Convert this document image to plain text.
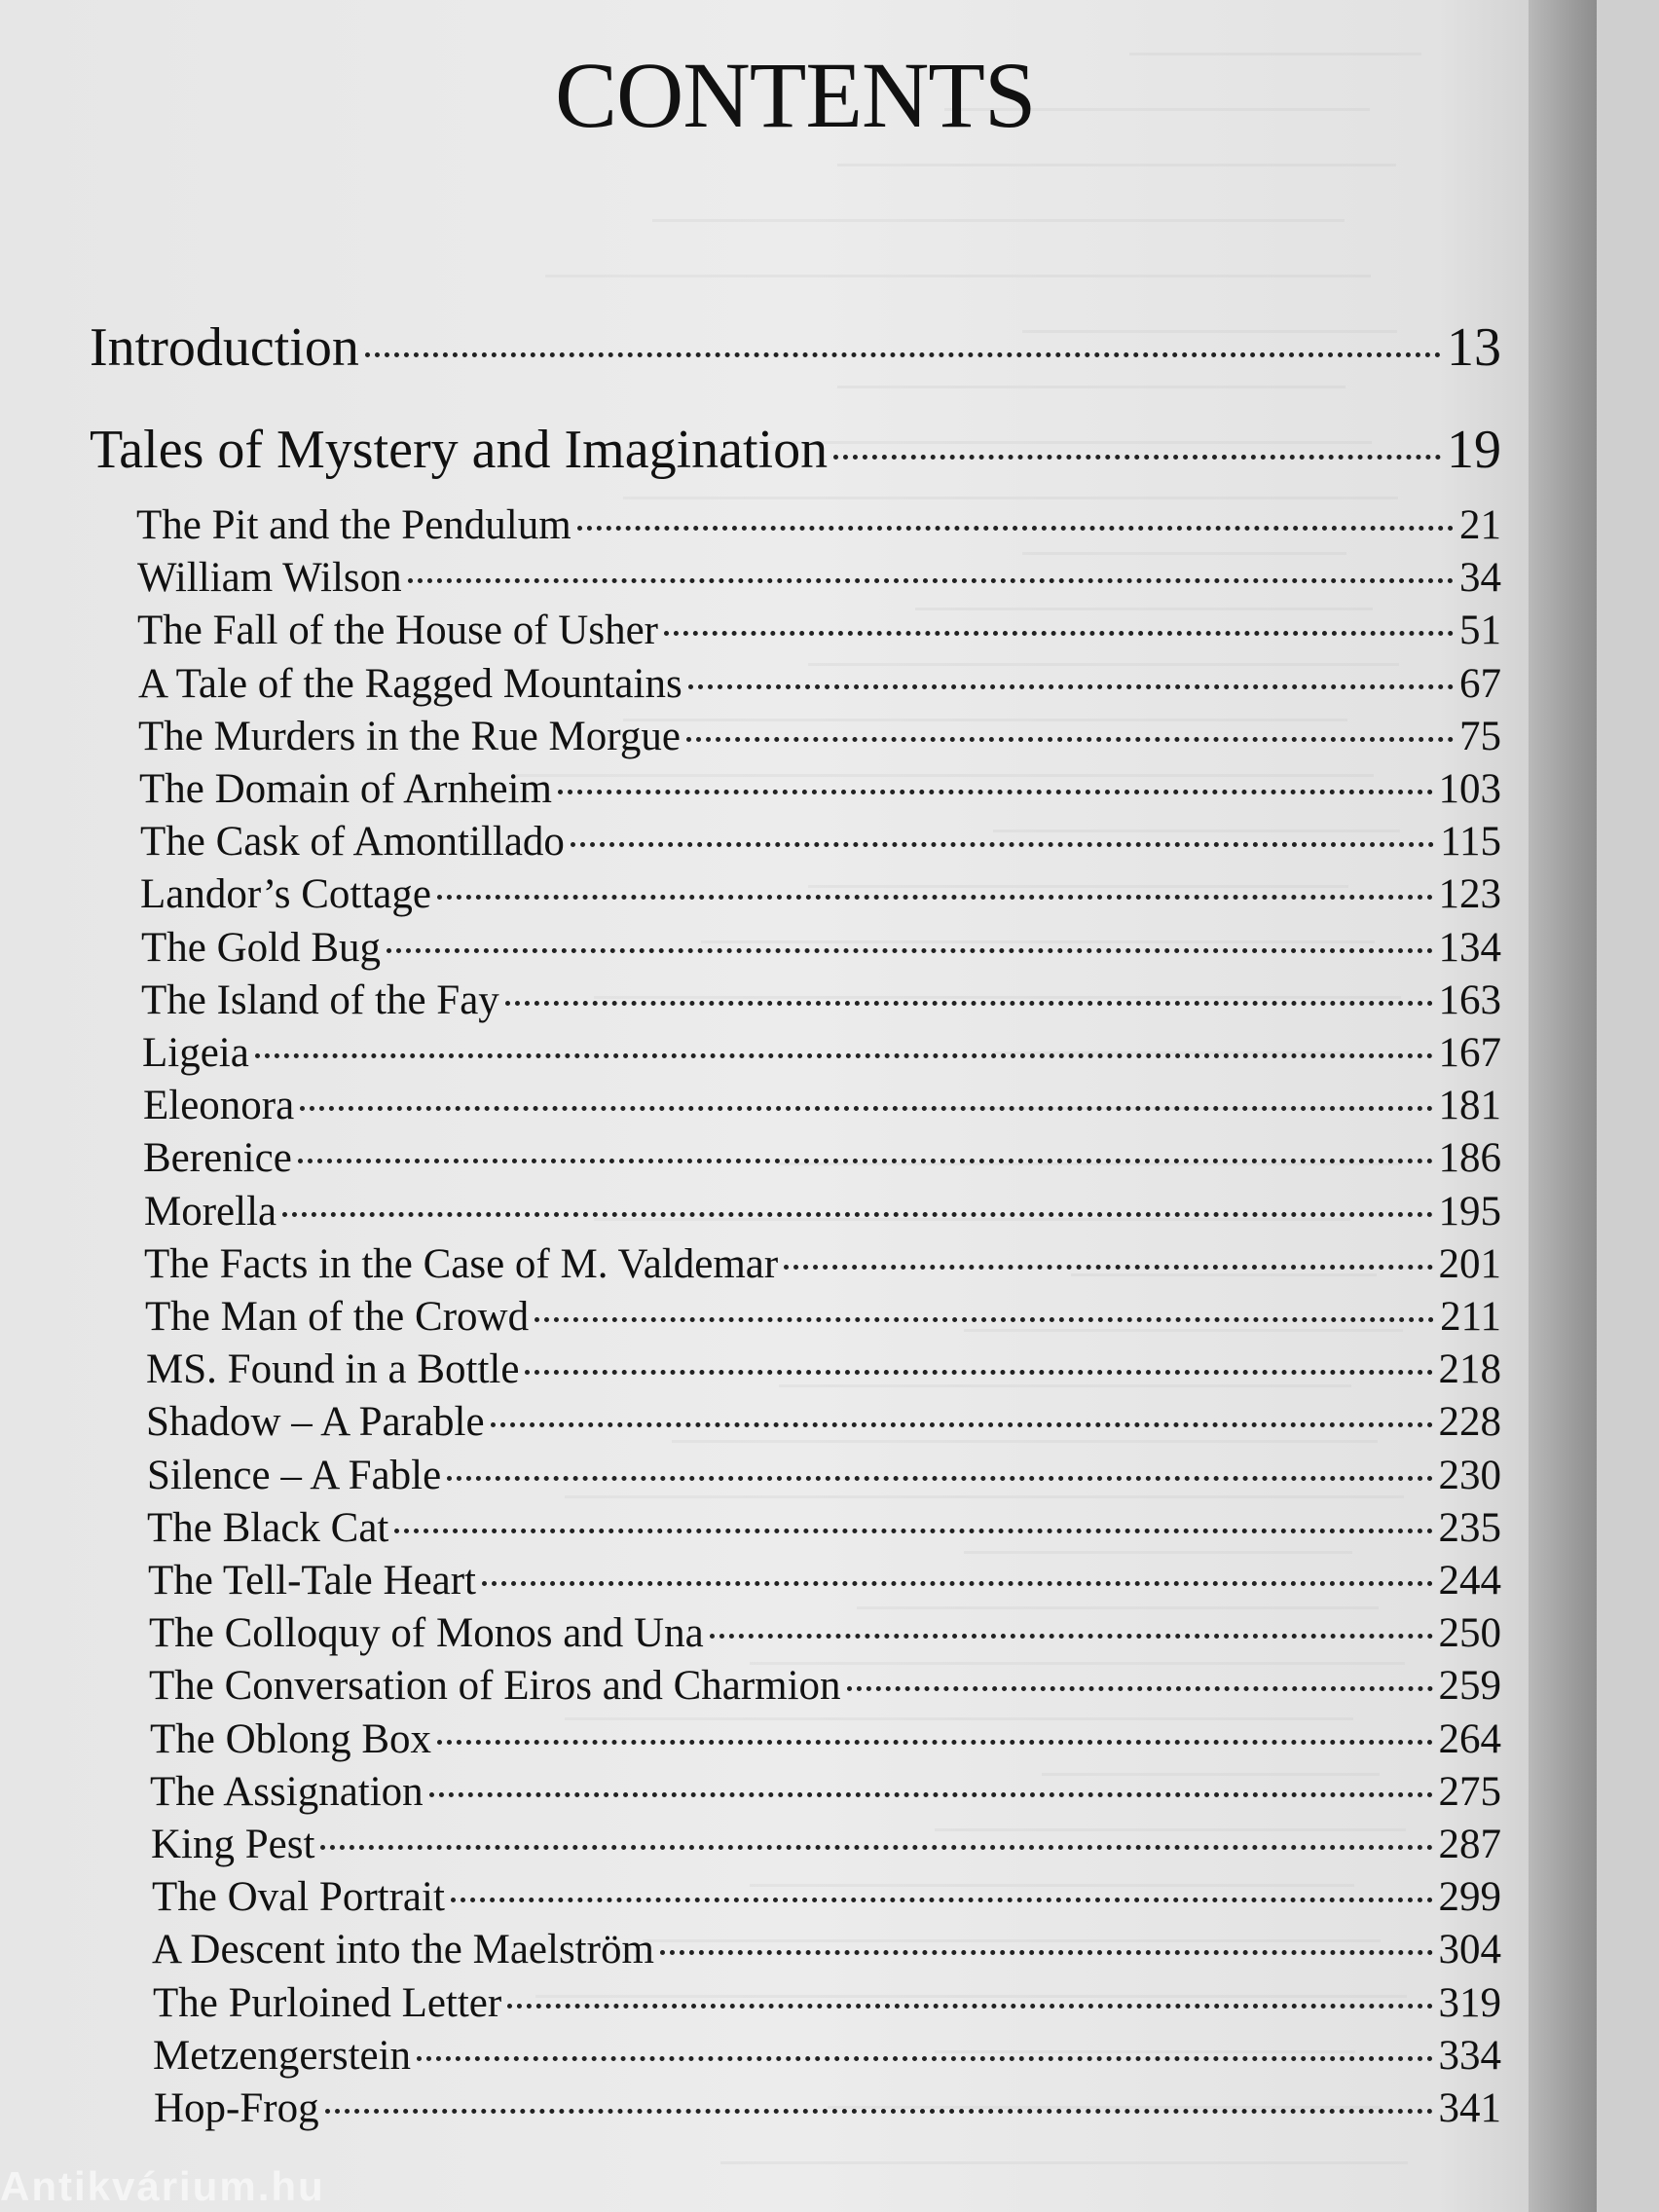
CONTENTS
Introduction	13
Tales of Mystery and Imagination	19
The Pit and the Pendulum	21
William Wilson	34
The Fall of the House of Usher	51
A Tale of the Ragged Mountains	67
The Murders in the Rue Morgue	75
The Domain of Arnheim	103
The Cask of Amontillado	115
Landor’s Cottage	123
The Gold Bug	134
The Island of the Fay	163
Ligeia	167
Eleonora	181
Berenice	186
Morella	195
The Facts in the Case of M. Valdemar	201
The Man of the Crowd	211
MS. Found in a Bottle	218
Shadow – A Parable	228
Silence – A Fable	230
The Black Cat	235
The Tell-Tale Heart	244
The Colloquy of Monos and Una	250
The Conversation of Eiros and Charmion	259
The Oblong Box	264
The Assignation	275
King Pest	287
The Oval Portrait	299
A Descent into the Maelström	304
The Purloined Letter	319
Metzengerstein	334
Hop-Frog	341
Antikvárium.hu
